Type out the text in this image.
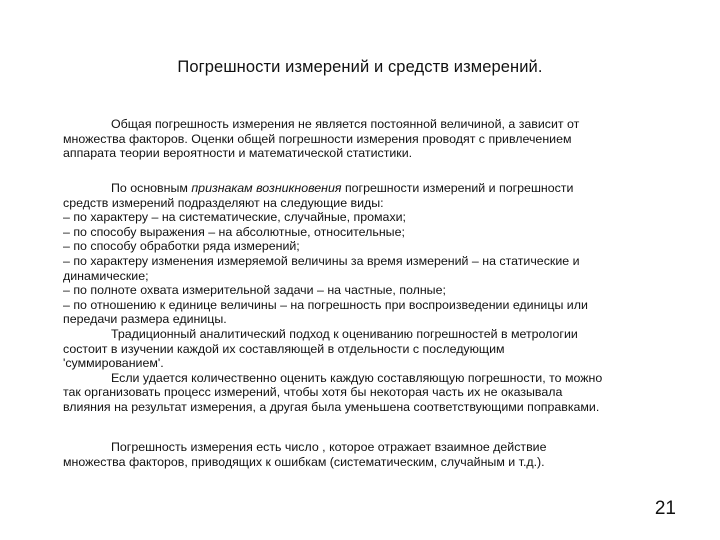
Погрешности измерений и средств измерений.
Общая погрешность измерения не является постоянной величиной, а зависит от
множества факторов. Оценки общей погрешности измерения проводят с привлечением
аппарата теории вероятности и математической статистики.
По основным признакам возникновения погрешности измерений и погрешности
средств измерений подразделяют на следующие виды:
– по характеру – на систематические, случайные, промахи;
– по способу выражения – на абсолютные, относительные;
– по способу обработки ряда измерений;
– по характеру изменения измеряемой величины за время измерений – на статические и
динамические;
– по полноте охвата измерительной задачи – на частные, полные;
– по отношению к единице величины – на погрешность при воспроизведении единицы или
передачи размера единицы.
Традиционный аналитический подход к оцениванию погрешностей в метрологии
состоит в изучении каждой их составляющей в отдельности с последующим
'суммированием'.
Если удается количественно оценить каждую составляющую погрешности, то можно
так организовать процесс измерений, чтобы хотя бы некоторая часть их не оказывала
влияния на результат измерения, а другая была уменьшена соответствующими поправками.
Погрешность измерения есть число , которое отражает взаимное действие
множества факторов, приводящих к ошибкам (систематическим, случайным и т.д.).
21
